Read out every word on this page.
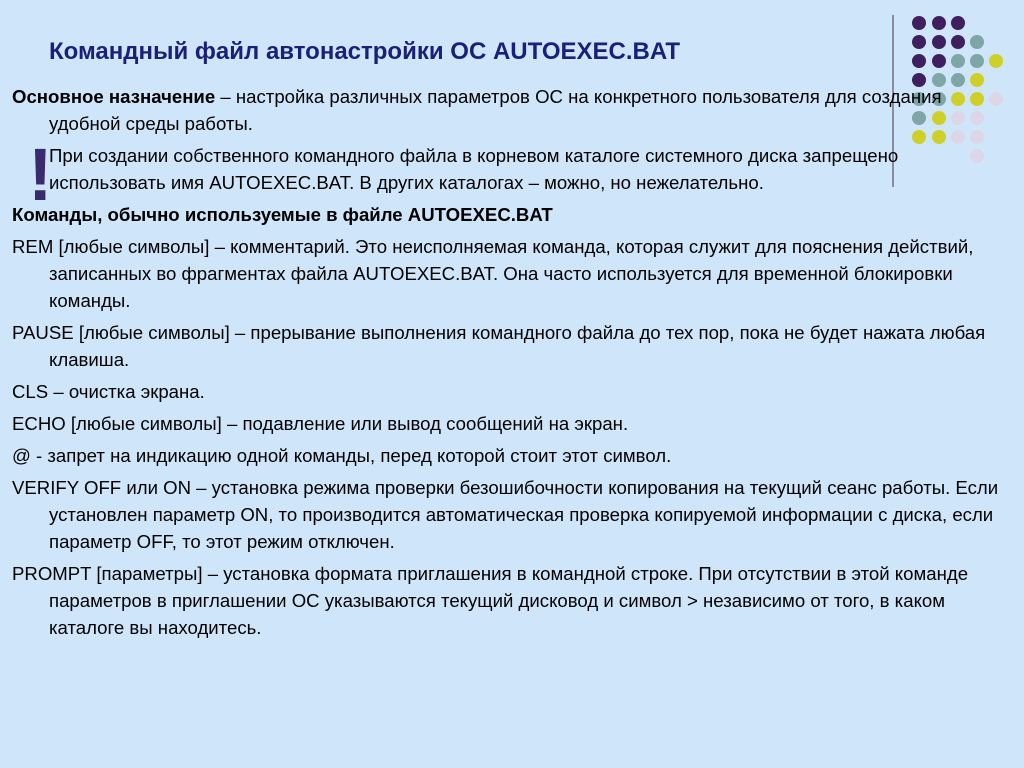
Командный файл автонастройки ОС AUTOEXEC.BAT
!

Основное назначение – настройка различных параметров ОС на конкретного пользователя для создания удобной среды работы.

При создании собственного командного файла в корневом каталоге системного диска запрещено использовать имя AUTOEXEC.BAT. В других каталогах – можно, но нежелательно.

Команды, обычно используемые в файле AUTOEXEC.BAT

REM [любые символы] – комментарий. Это неисполняемая команда, которая служит для пояснения действий, записанных во фрагментах файла AUTOEXEC.BAT. Она часто используется для временной блокировки команды.

PAUSE [любые символы] – прерывание выполнения командного файла до тех пор, пока не будет нажата любая клавиша.

CLS – очистка экрана.

ECHO [любые символы] – подавление или вывод сообщений на экран.

@ - запрет на индикацию одной команды, перед которой стоит этот символ.

VERIFY OFF или ON – установка режима проверки безошибочности копирования на текущий сеанс работы. Если установлен параметр ON, то производится автоматическая проверка копируемой информации с диска, если параметр OFF, то этот режим отключен.

PROMPT [параметры] – установка формата приглашения в командной строке. При отсутствии в этой команде параметров в приглашении ОС указываются текущий дисковод и символ > независимо от того, в каком каталоге вы находитесь.
